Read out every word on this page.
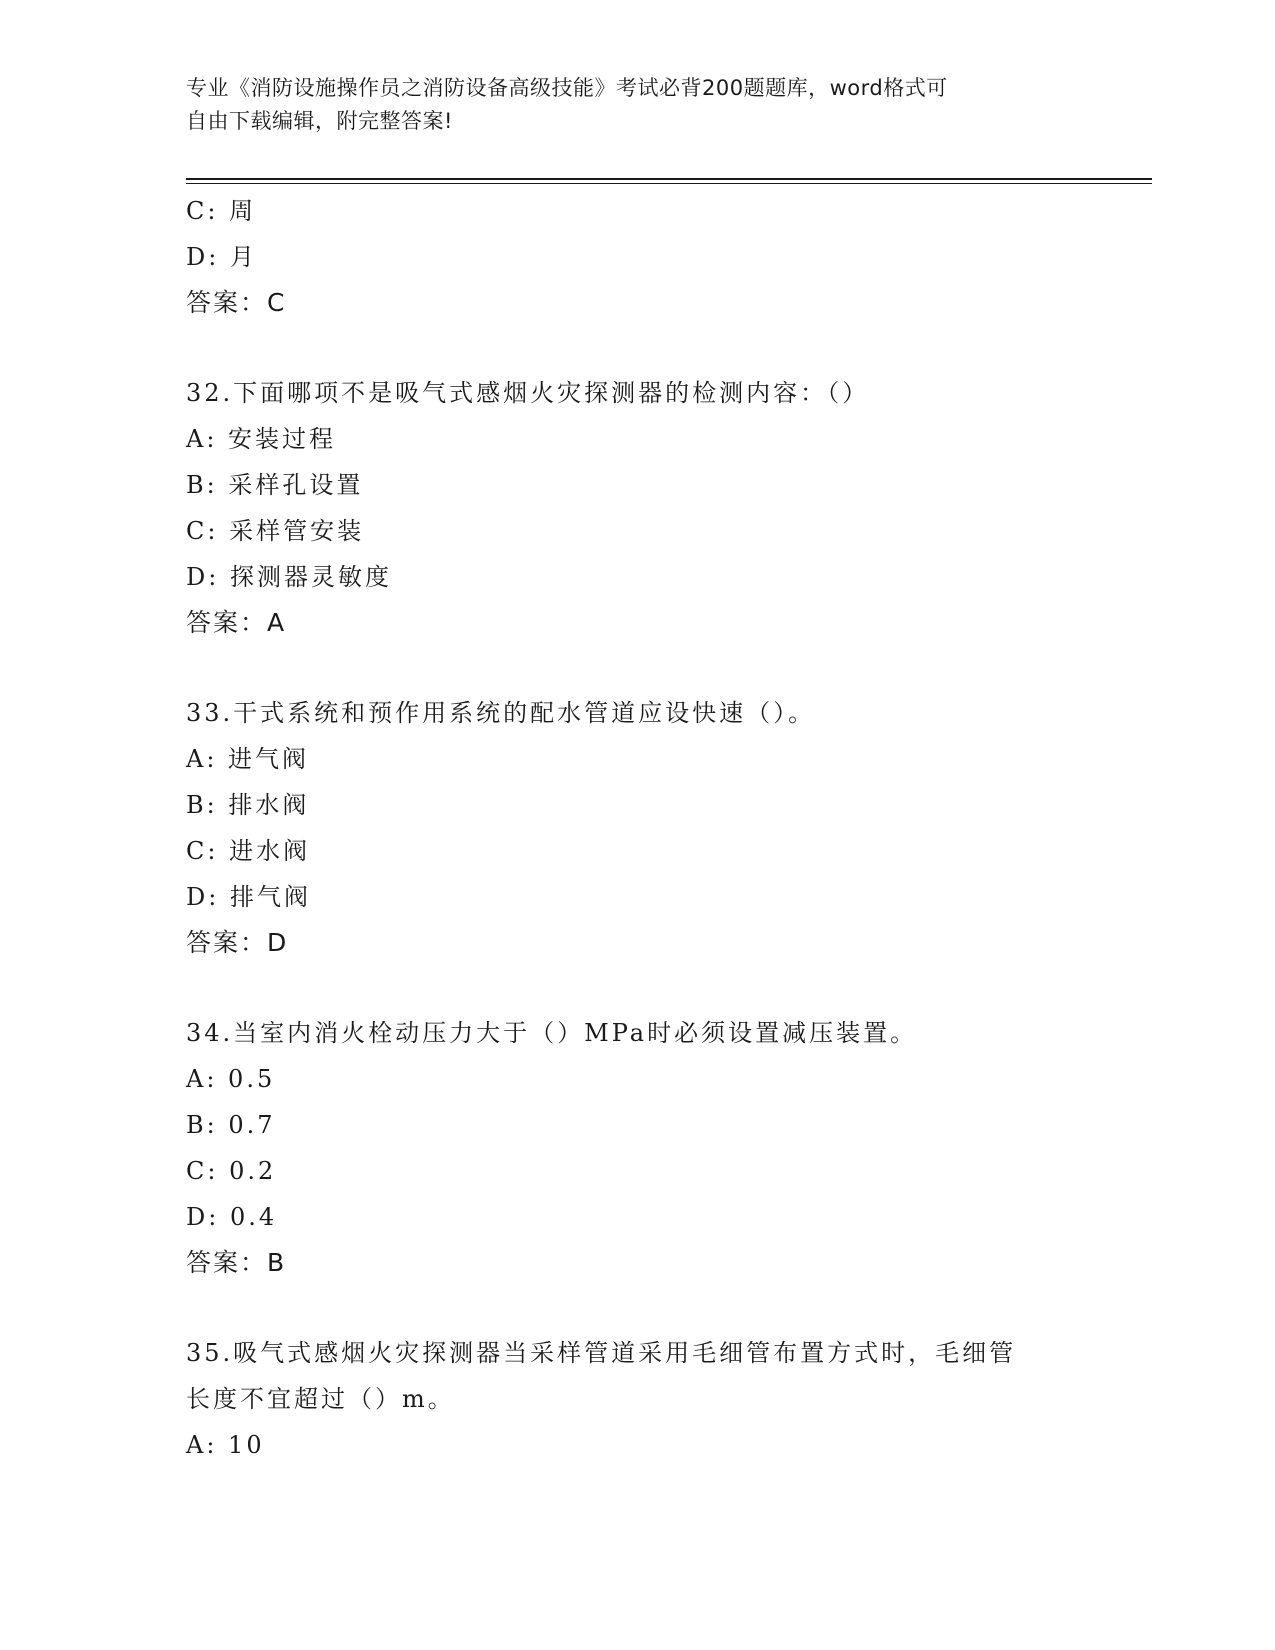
专业《消防设施操作员之消防设备高级技能》考试必背200题题库，word格式可
自由下载编辑，附完整答案!
C: 周
D: 月
答案：C
32.下面哪项不是吸气式感烟火灾探测器的检测内容：（）
A: 安装过程
B: 采样孔设置
C: 采样管安装
D: 探测器灵敏度
答案：A
33.干式系统和预作用系统的配水管道应设快速（）。
A: 进气阀
B: 排水阀
C: 进水阀
D: 排气阀
答案：D
34.当室内消火栓动压力大于（）MPa时必须设置减压装置。
A: 0.5
B: 0.7
C: 0.2
D: 0.4
答案：B
35.吸气式感烟火灾探测器当采样管道采用毛细管布置方式时，毛细管
长度不宜超过（）m。
A: 10
